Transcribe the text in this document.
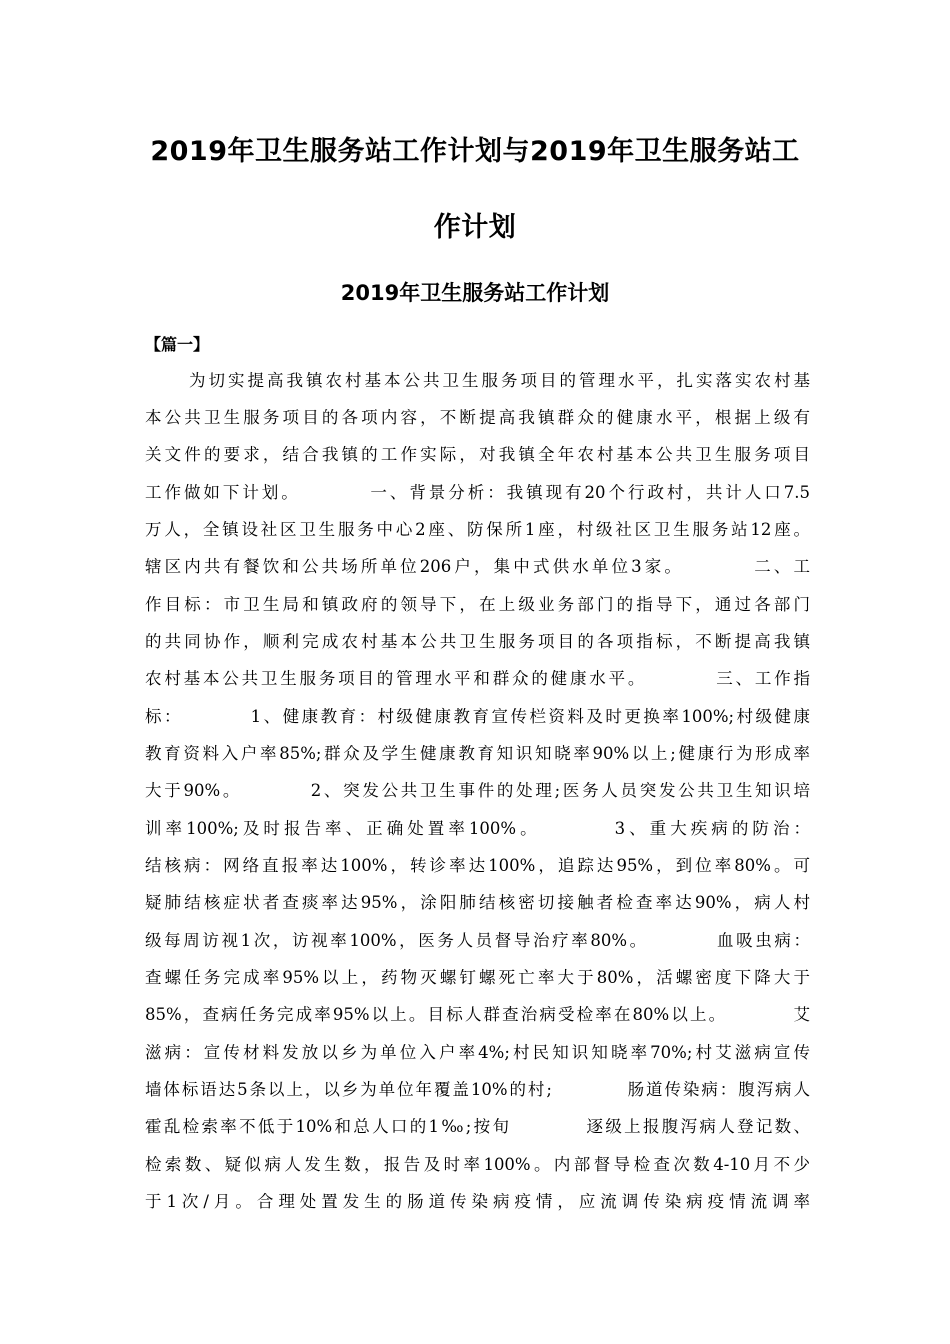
2019年卫生服务站工作计划与2019年卫生服务站工
作计划
2019年卫生服务站工作计划
【篇一】
为切实提高我镇农村基本公共卫生服务项目的管理水平，扎实落实农村基
本公共卫生服务项目的各项内容，不断提高我镇群众的健康水平，根据上级有
关文件的要求，结合我镇的工作实际，对我镇全年农村基本公共卫生服务项目
工作做如下计划。　　　　一、背景分析：我镇现有20个行政村，共计人口7.5
万人，全镇设社区卫生服务中心2座、防保所1座，村级社区卫生服务站12座。
辖区内共有餐饮和公共场所单位206户，集中式供水单位3家。　　　　二、工
作目标：市卫生局和镇政府的领导下，在上级业务部门的指导下，通过各部门
的共同协作，顺利完成农村基本公共卫生服务项目的各项指标，不断提高我镇
农村基本公共卫生服务项目的管理水平和群众的健康水平。　　　　三、工作指
标：　　　　1、健康教育：村级健康教育宣传栏资料及时更换率100%;村级健康
教育资料入户率85%;群众及学生健康教育知识知晓率90%以上;健康行为形成率
大于90%。　　　　2、突发公共卫生事件的处理;医务人员突发公共卫生知识培
训率100%;及时报告率、正确处置率100%。　　　　3、重大疾病的防治：
结核病：网络直报率达100%，转诊率达100%，追踪达95%，到位率80%。可
疑肺结核症状者查痰率达95%，涂阳肺结核密切接触者检查率达90%，病人村
级每周访视1次，访视率100%，医务人员督导治疗率80%。　　　　血吸虫病：
查螺任务完成率95%以上，药物灭螺钉螺死亡率大于80%，活螺密度下降大于
85%，查病任务完成率95%以上。目标人群查治病受检率在80%以上。　　　　艾
滋病：宣传材料发放以乡为单位入户率4%;村民知识知晓率70%;村艾滋病宣传
墙体标语达5条以上，以乡为单位年覆盖10%的村;　　　　肠道传染病：腹泻病人
霍乱检索率不低于10%和总人口的1‰;按旬　　　　逐级上报腹泻病人登记数、
检索数、疑似病人发生数，报告及时率100%。内部督导检查次数4-10月不少
于1次/月。合理处置发生的肠道传染病疫情，应流调传染病疫情流调率
